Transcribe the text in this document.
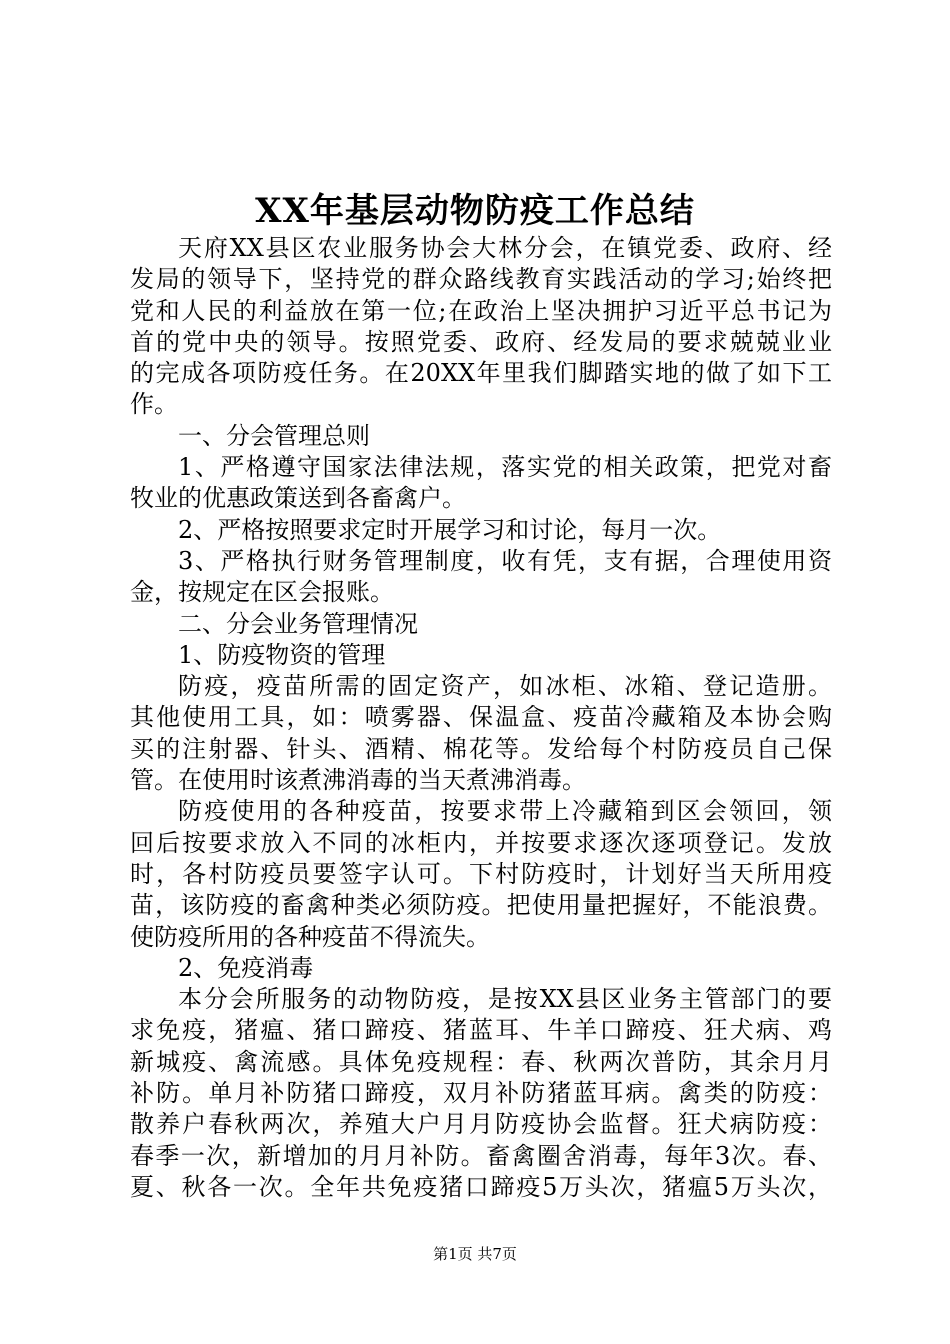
XX年基层动物防疫工作总结
天府XX县区农业服务协会大林分会，在镇党委、政府、经
发局的领导下，坚持党的群众路线教育实践活动的学习;始终把
党和人民的利益放在第一位;在政治上坚决拥护习近平总书记为
首的党中央的领导。按照党委、政府、经发局的要求兢兢业业
的完成各项防疫任务。在20XX年里我们脚踏实地的做了如下工
作。
一、分会管理总则
1、严格遵守国家法律法规，落实党的相关政策，把党对畜
牧业的优惠政策送到各畜禽户。
2、严格按照要求定时开展学习和讨论，每月一次。
3、严格执行财务管理制度，收有凭，支有据，合理使用资
金，按规定在区会报账。
二、分会业务管理情况
1、防疫物资的管理
防疫，疫苗所需的固定资产，如冰柜、冰箱、登记造册。
其他使用工具，如：喷雾器、保温盒、疫苗冷藏箱及本协会购
买的注射器、针头、酒精、棉花等。发给每个村防疫员自己保
管。在使用时该煮沸消毒的当天煮沸消毒。
防疫使用的各种疫苗，按要求带上冷藏箱到区会领回，领
回后按要求放入不同的冰柜内，并按要求逐次逐项登记。发放
时，各村防疫员要签字认可。下村防疫时，计划好当天所用疫
苗，该防疫的畜禽种类必须防疫。把使用量把握好，不能浪费。
使防疫所用的各种疫苗不得流失。
2、免疫消毒
本分会所服务的动物防疫，是按XX县区业务主管部门的要
求免疫，猪瘟、猪口蹄疫、猪蓝耳、牛羊口蹄疫、狂犬病、鸡
新城疫、禽流感。具体免疫规程：春、秋两次普防，其余月月
补防。单月补防猪口蹄疫，双月补防猪蓝耳病。禽类的防疫：
散养户春秋两次，养殖大户月月防疫协会监督。狂犬病防疫：
春季一次，新增加的月月补防。畜禽圈舍消毒，每年3次。春、
夏、秋各一次。全年共免疫猪口蹄疫5万头次，猪瘟5万头次，
第1页 共7页
